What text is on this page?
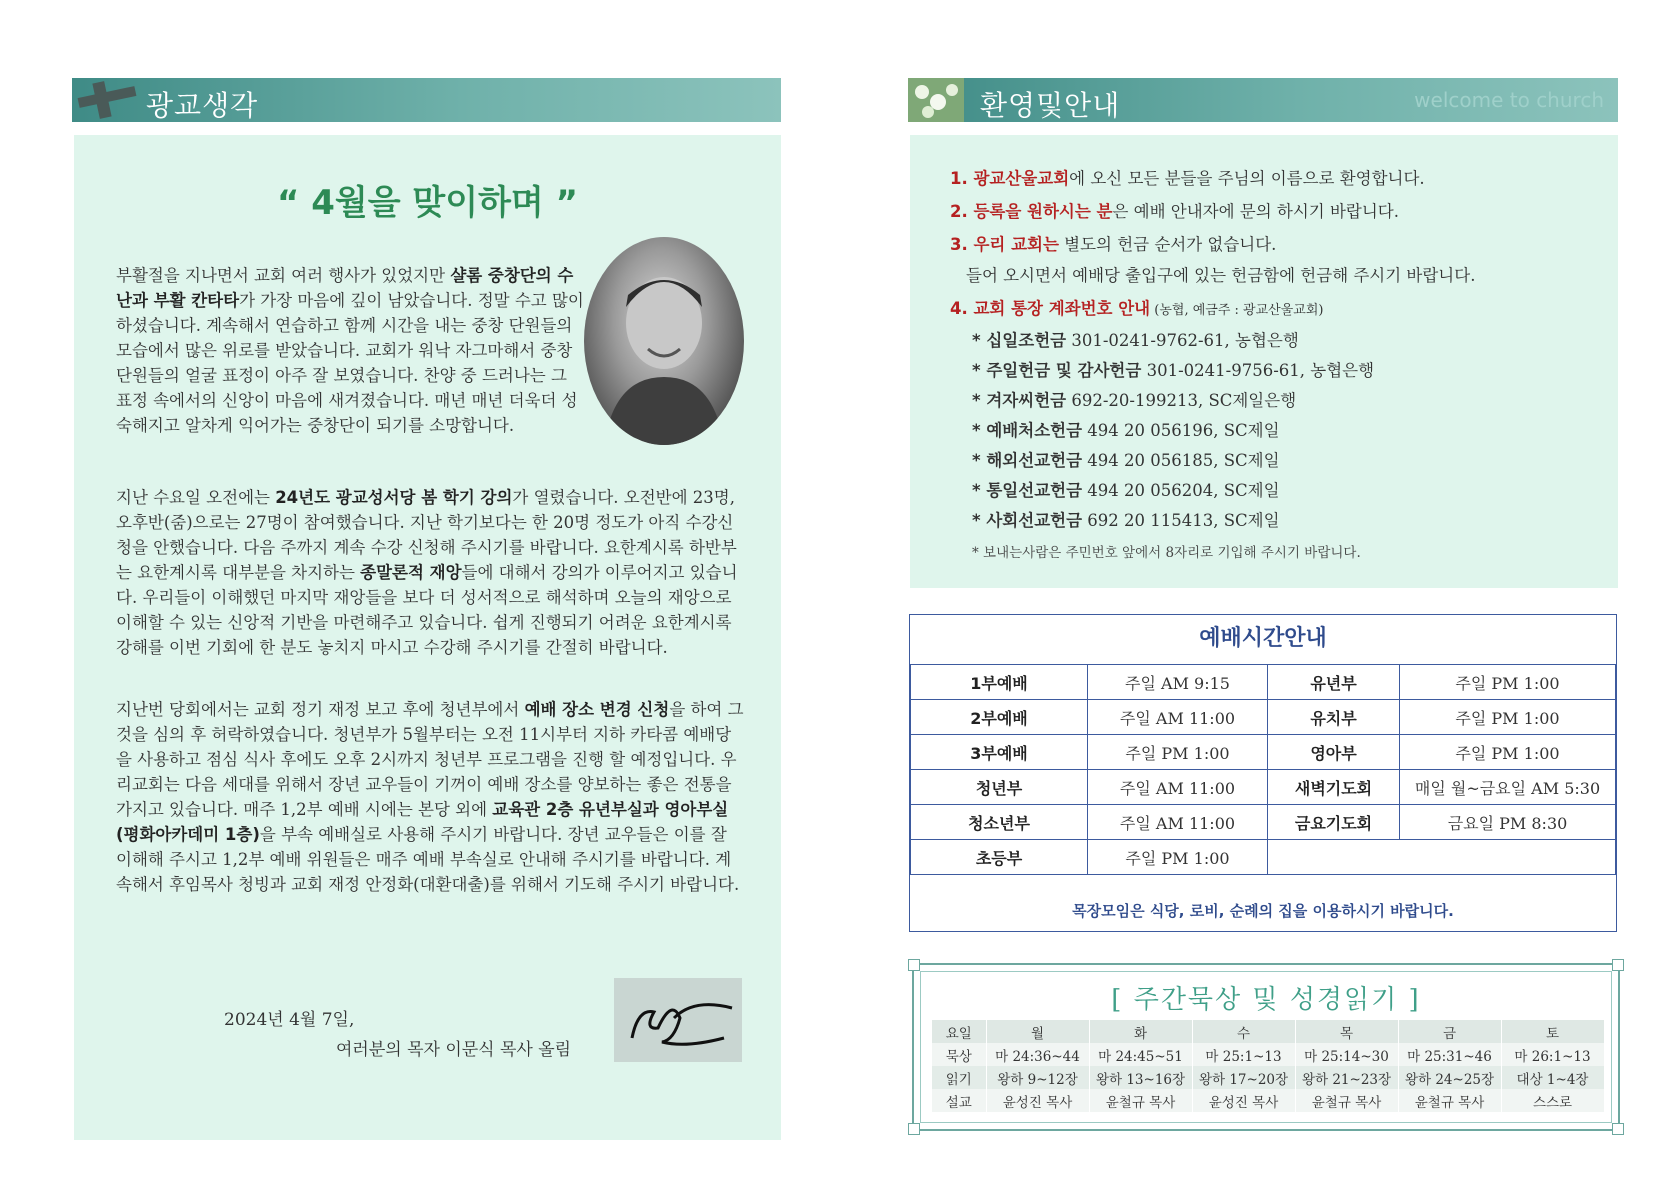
광교생각
“ 4월을 맞이하며 ”

부활절을 지나면서 교회 여러 행사가 있었지만 샬롬 중창단의 수난과 부활 칸타타가 가장 마음에 깊이 남았습니다. 정말 수고 많이 하셨습니다. 계속해서 연습하고 함께 시간을 내는 중창 단원들의 모습에서 많은 위로를 받았습니다. 교회가 워낙 자그마해서 중창 단원들의 얼굴 표정이 아주 잘 보였습니다. 찬양 중 드러나는 그 표정 속에서의 신앙이 마음에 새겨졌습니다. 매년 매년 더욱더 성숙해지고 알차게 익어가는 중창단이 되기를 소망합니다.

지난 수요일 오전에는 24년도 광교성서당 봄 학기 강의가 열렸습니다. 오전반에 23명, 오후반(줌)으로는 27명이 참여했습니다. 지난 학기보다는 한 20명 정도가 아직 수강신청을 안했습니다. 다음 주까지 계속 수강 신청해 주시기를 바랍니다. 요한계시록 하반부는 요한계시록 대부분을 차지하는 종말론적 재앙들에 대해서 강의가 이루어지고 있습니다. 우리들이 이해했던 마지막 재앙들을 보다 더 성서적으로 해석하며 오늘의 재앙으로 이해할 수 있는 신앙적 기반을 마련해주고 있습니다. 쉽게 진행되기 어려운 요한계시록 강해를 이번 기회에 한 분도 놓치지 마시고 수강해 주시기를 간절히 바랍니다.

지난번 당회에서는 교회 정기 재정 보고 후에 청년부에서 예배 장소 변경 신청을 하여 그것을 심의 후 허락하였습니다. 청년부가 5월부터는 오전 11시부터 지하 카타콤 예배당을 사용하고 점심 식사 후에도 오후 2시까지 청년부 프로그램을 진행 할 예정입니다. 우리교회는 다음 세대를 위해서 장년 교우들이 기꺼이 예배 장소를 양보하는 좋은 전통을 가지고 있습니다. 매주 1,2부 예배 시에는 본당 외에 교육관 2층 유년부실과 영아부실(평화아카데미 1층)을 부속 예배실로 사용해 주시기 바랍니다. 장년 교우들은 이를 잘 이해해 주시고 1,2부 예배 위원들은 매주 예배 부속실로 안내해 주시기를 바랍니다. 계속해서 후임목사 청빙과 교회 재정 안정화(대환대출)를 위해서 기도해 주시기 바랍니다.

2024년 4월 7일,
여러분의 목자 이문식 목사 올림
환영및안내	welcome to church
1. 광교산울교회에 오신 모든 분들을 주님의 이름으로 환영합니다.
2. 등록을 원하시는 분은 예배 안내자에 문의 하시기 바랍니다.
3. 우리 교회는 별도의 헌금 순서가 없습니다.
들어 오시면서 예배당 출입구에 있는 헌금함에 헌금해 주시기 바랍니다.
4. 교회 통장 계좌번호 안내 (농협, 예금주 : 광교산울교회)
* 십일조헌금 301-0241-9762-61, 농협은행
* 주일헌금 및 감사헌금 301-0241-9756-61, 농협은행
* 겨자씨헌금 692-20-199213, SC제일은행
* 예배처소헌금 494 20 056196, SC제일
* 해외선교헌금 494 20 056185, SC제일
* 통일선교헌금 494 20 056204, SC제일
* 사회선교헌금 692 20 115413, SC제일
* 보내는사람은 주민번호 앞에서 8자리로 기입해 주시기 바랍니다.
예배시간안내
1부예배	주일 AM 9:15	유년부	주일 PM 1:00
2부예배	주일 AM 11:00	유치부	주일 PM 1:00
3부예배	주일 PM 1:00	영아부	주일 PM 1:00
청년부	주일 AM 11:00	새벽기도회	매일 월~금요일 AM 5:30
청소년부	주일 AM 11:00	금요기도회	금요일 PM 8:30
초등부	주일 PM 1:00		
목장모임은 식당, 로비, 순례의 집을 이용하시기 바랍니다.
[ 주간묵상 및 성경읽기 ]
요일	월	화	수	목	금	토
묵상	마 24:36~44	마 24:45~51	마 25:1~13	마 25:14~30	마 25:31~46	마 26:1~13
읽기	왕하 9~12장	왕하 13~16장	왕하 17~20장	왕하 21~23장	왕하 24~25장	대상 1~4장
설교	윤성진 목사	윤철규 목사	윤성진 목사	윤철규 목사	윤철규 목사	스스로
